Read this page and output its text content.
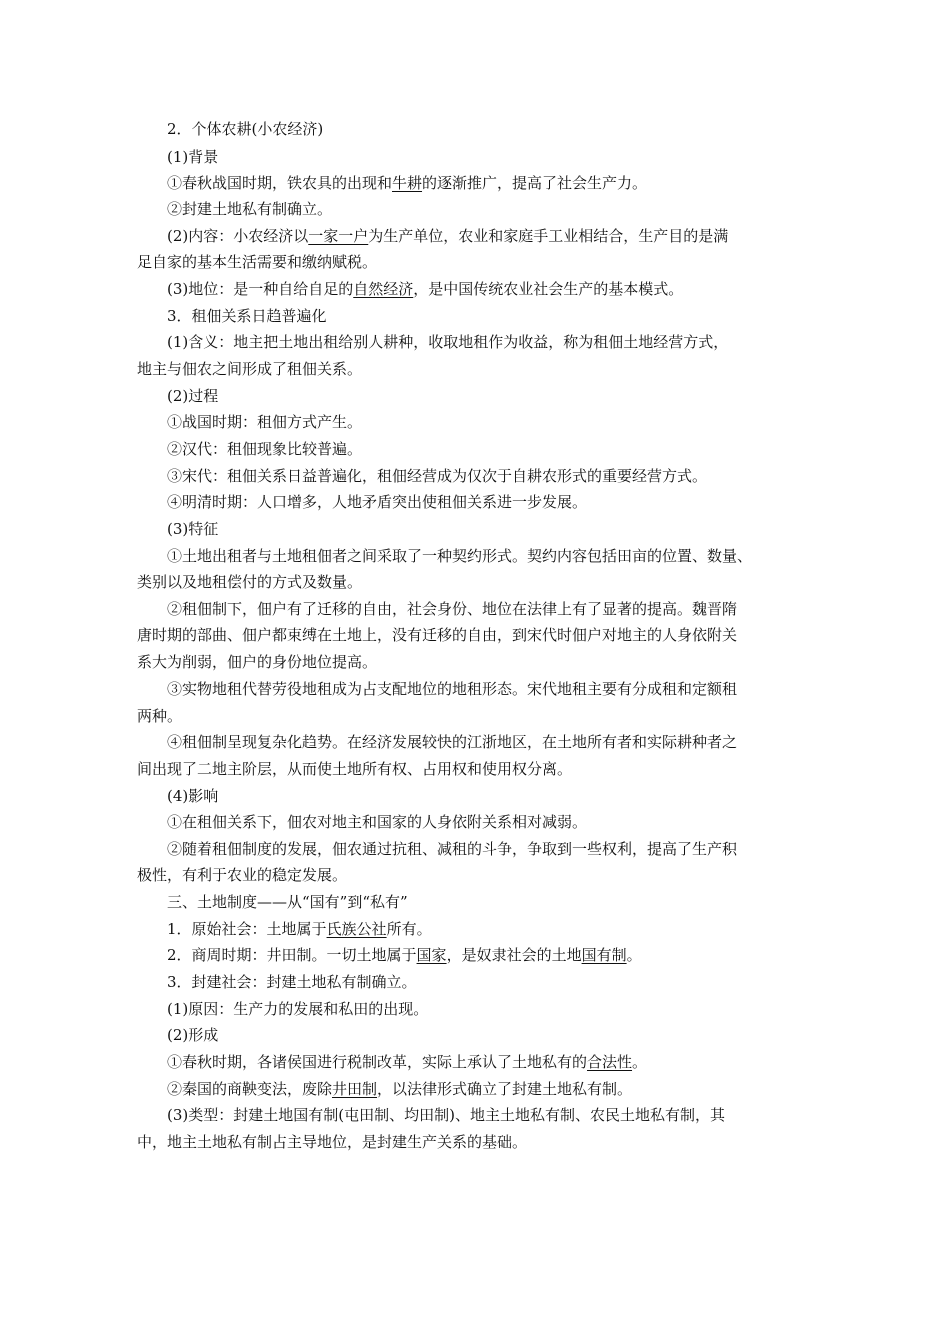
2．个体农耕(小农经济)
(1)背景
①春秋战国时期，铁农具的出现和牛耕的逐渐推广，提高了社会生产力。
②封建土地私有制确立。
(2)内容：小农经济以一家一户为生产单位，农业和家庭手工业相结合，生产目的是满
足自家的基本生活需要和缴纳赋税。
(3)地位：是一种自给自足的自然经济，是中国传统农业社会生产的基本模式。
3．租佃关系日趋普遍化
(1)含义：地主把土地出租给别人耕种，收取地租作为收益，称为租佃土地经营方式，
地主与佃农之间形成了租佃关系。
(2)过程
①战国时期：租佃方式产生。
②汉代：租佃现象比较普遍。
③宋代：租佃关系日益普遍化，租佃经营成为仅次于自耕农形式的重要经营方式。
④明清时期：人口增多，人地矛盾突出使租佃关系进一步发展。
(3)特征
①土地出租者与土地租佃者之间采取了一种契约形式。契约内容包括田亩的位置、数量、
类别以及地租偿付的方式及数量。
②租佃制下，佃户有了迁移的自由，社会身份、地位在法律上有了显著的提高。魏晋隋
唐时期的部曲、佃户都束缚在土地上，没有迁移的自由，到宋代时佃户对地主的人身依附关
系大为削弱，佃户的身份地位提高。
③实物地租代替劳役地租成为占支配地位的地租形态。宋代地租主要有分成租和定额租
两种。
④租佃制呈现复杂化趋势。在经济发展较快的江浙地区，在土地所有者和实际耕种者之
间出现了二地主阶层，从而使土地所有权、占用权和使用权分离。
(4)影响
①在租佃关系下，佃农对地主和国家的人身依附关系相对减弱。
②随着租佃制度的发展，佃农通过抗租、减租的斗争，争取到一些权利，提高了生产积
极性，有利于农业的稳定发展。
三、土地制度——从“国有”到“私有”
1．原始社会：土地属于氏族公社所有。
2．商周时期：井田制。一切土地属于国家，是奴隶社会的土地国有制。
3．封建社会：封建土地私有制确立。
(1)原因：生产力的发展和私田的出现。
(2)形成
①春秋时期，各诸侯国进行税制改革，实际上承认了土地私有的合法性。
②秦国的商鞅变法，废除井田制，以法律形式确立了封建土地私有制。
(3)类型：封建土地国有制(屯田制、均田制)、地主土地私有制、农民土地私有制，其
中，地主土地私有制占主导地位，是封建生产关系的基础。
